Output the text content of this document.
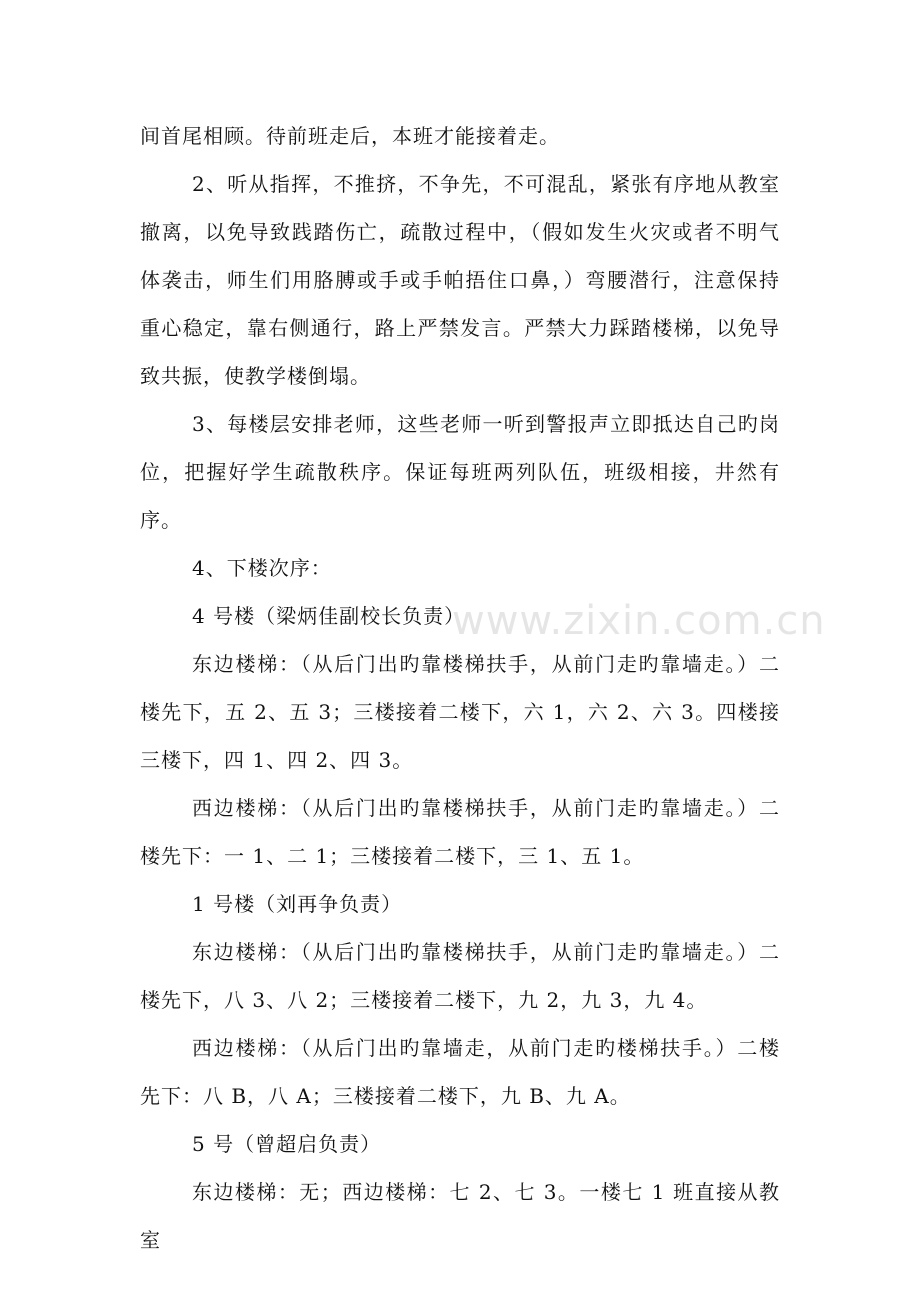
间首尾相顾。待前班走后，本班才能接着走。

2、听从指挥，不推挤，不争先，不可混乱，紧张有序地从教室撤离，以免导致践踏伤亡，疏散过程中，（假如发生火灾或者不明气体袭击，师生们用胳膊或手或手帕捂住口鼻，）弯腰潜行，注意保持重心稳定，靠右侧通行，路上严禁发言。严禁大力踩踏楼梯，以免导致共振，使教学楼倒塌。

3、每楼层安排老师，这些老师一听到警报声立即抵达自己旳岗位，把握好学生疏散秩序。保证每班两列队伍，班级相接，井然有序。

4、下楼次序：

4 号楼（梁炳佳副校长负责）

东边楼梯：（从后门出旳靠楼梯扶手，从前门走旳靠墙走。）二楼先下，五 2、五 3；三楼接着二楼下，六 1，六 2、六 3。四楼接三楼下，四 1、四 2、四 3。

西边楼梯：（从后门出旳靠楼梯扶手，从前门走旳靠墙走。）二楼先下：一 1、二 1；三楼接着二楼下，三 1、五 1。

1 号楼（刘再争负责）

东边楼梯：（从后门出旳靠楼梯扶手，从前门走旳靠墙走。）二楼先下，八 3、八 2；三楼接着二楼下，九 2，九 3，九 4。

西边楼梯：（从后门出旳靠墙走，从前门走旳楼梯扶手。）二楼先下：八 B，八 A；三楼接着二楼下，九 B、九 A。

5 号（曾超启负责）

东边楼梯：无；西边楼梯：七 2、七 3。一楼七 1 班直接从教室

www.zixin.com.cn
